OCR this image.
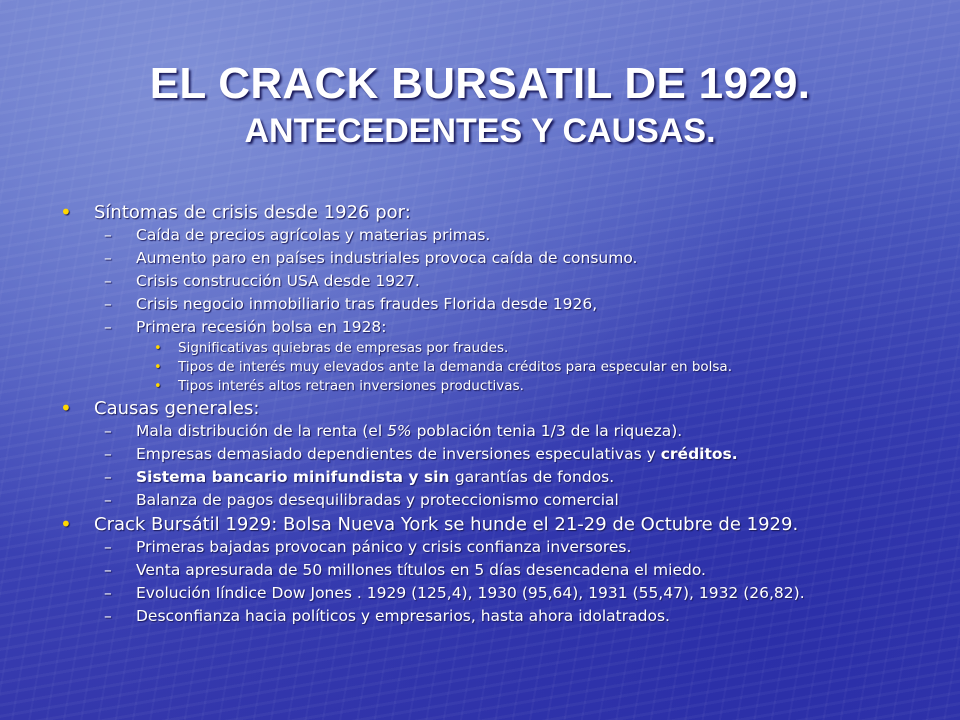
EL CRACK BURSATIL DE 1929.
ANTECEDENTES Y CAUSAS.
• Síntomas de crisis desde 1926 por:
– Caída de precios agrícolas y materias primas.
– Aumento paro en países industriales provoca caída de consumo.
– Crisis construcción USA desde 1927.
– Crisis negocio inmobiliario tras fraudes Florida desde 1926,
– Primera recesión bolsa en 1928:
• Significativas quiebras de empresas por fraudes.
• Tipos de interés muy elevados ante la demanda créditos para especular en bolsa.
• Tipos interés altos retraen inversiones productivas.
• Causas generales:
– Mala distribución de la renta (el 5% población tenia 1/3 de la riqueza).
– Empresas demasiado dependientes de inversiones especulativas y créditos.
– Sistema bancario minifundista y sin garantías de fondos.
– Balanza de pagos desequilibradas y proteccionismo comercial
• Crack Bursátil 1929: Bolsa Nueva York se hunde el 21-29 de Octubre de 1929.
– Primeras bajadas provocan pánico y crisis confianza inversores.
– Venta apresurada de 50 millones títulos en 5 días desencadena el miedo.
– Evolución Iíndice Dow Jones . 1929 (125,4), 1930 (95,64), 1931 (55,47), 1932 (26,82).
– Desconfianza hacia políticos y empresarios, hasta ahora idolatrados.
